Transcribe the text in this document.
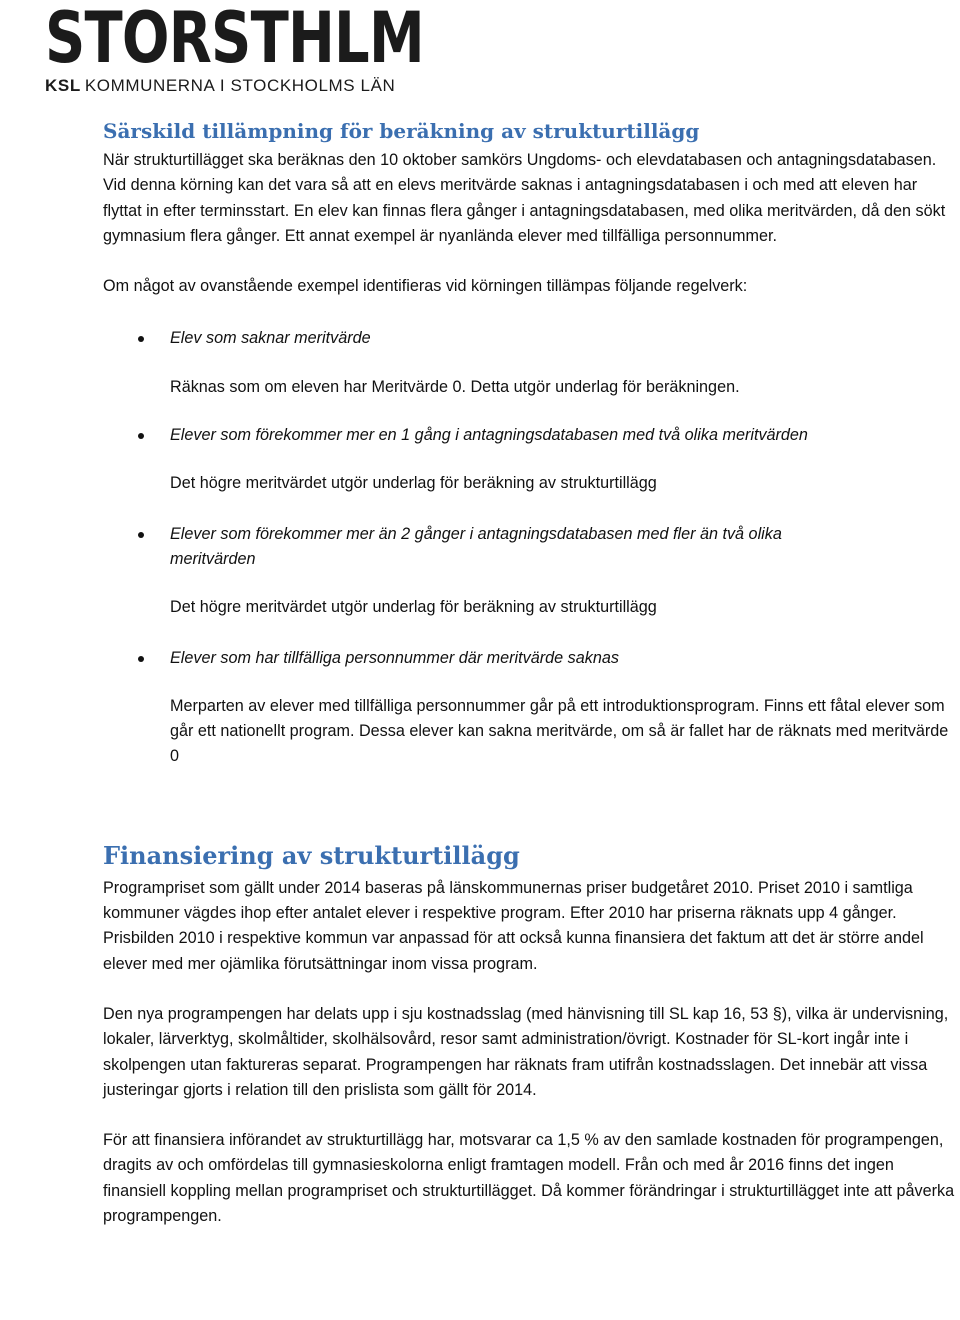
STORSTHLM
KSL KOMMUNERNA I STOCKHOLMS LÄN
Särskild tillämpning för beräkning av strukturtillägg

När strukturtillägget ska beräknas den 10 oktober samkörs Ungdoms- och elevdatabasen och antagningsdatabasen. Vid denna körning kan det vara så att en elevs meritvärde saknas i antagningsdatabasen i och med att eleven har flyttat in efter terminsstart. En elev kan finnas flera gånger i antagningsdatabasen, med olika meritvärden, då den sökt gymnasium flera gånger. Ett annat exempel är nyanlända elever med tillfälliga personnummer.

Om något av ovanstående exempel identifieras vid körningen tillämpas följande regelverk:

Elev som saknar meritvärde

Räknas som om eleven har Meritvärde 0. Detta utgör underlag för beräkningen.

Elever som förekommer mer en 1 gång i antagningsdatabasen med två olika meritvärden

Det högre meritvärdet utgör underlag för beräkning av strukturtillägg

Elever som förekommer mer än 2 gånger i antagningsdatabasen med fler än två olika meritvärden

Det högre meritvärdet utgör underlag för beräkning av strukturtillägg

Elever som har tillfälliga personnummer där meritvärde saknas

Merparten av elever med tillfälliga personnummer går på ett introduktionsprogram. Finns ett fåtal elever som går ett nationellt program. Dessa elever kan sakna meritvärde, om så är fallet har de räknats med meritvärde 0

Finansiering av strukturtillägg

Programpriset som gällt under 2014 baseras på länskommunernas priser budgetåret 2010. Priset 2010 i samtliga kommuner vägdes ihop efter antalet elever i respektive program. Efter 2010 har priserna räknats upp 4 gånger. Prisbilden 2010 i respektive kommun var anpassad för att också kunna finansiera det faktum att det är större andel elever med mer ojämlika förutsättningar inom vissa program.

Den nya programpengen har delats upp i sju kostnadsslag (med hänvisning till SL kap 16, 53 §), vilka är undervisning, lokaler, lärverktyg, skolmåltider, skolhälsovård, resor samt administration/övrigt. Kostnader för SL-kort ingår inte i skolpengen utan faktureras separat. Programpengen har räknats fram utifrån kostnadsslagen. Det innebär att vissa justeringar gjorts i relation till den prislista som gällt för 2014.

För att finansiera införandet av strukturtillägg har, motsvarar ca 1,5 % av den samlade kostnaden för programpengen, dragits av och omfördelas till gymnasieskolorna enligt framtagen modell. Från och med år 2016 finns det ingen finansiell koppling mellan programpriset och strukturtillägget. Då kommer förändringar i strukturtillägget inte att påverka programpengen.
